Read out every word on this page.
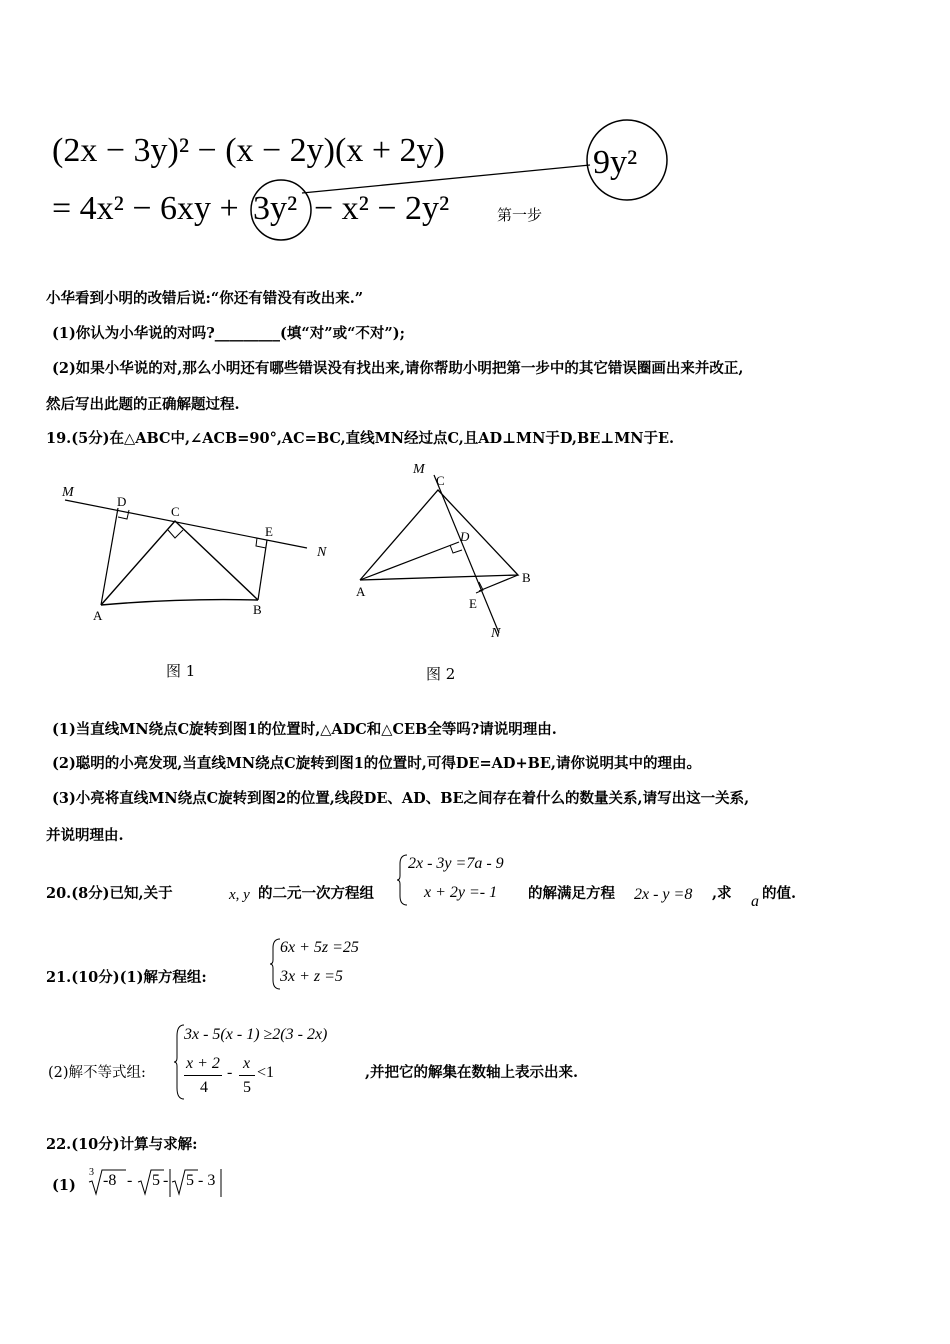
(2x − 3y)² − (x − 2y)(x + 2y)
= 4x² − 6xy + 3y² − x² − 2y²
9y²
第一步
小华看到小明的改错后说:“你还有错没有改出来.”
(1)你认为小华说的对吗?_________(填“对”或“不对”);
(2)如果小华说的对,那么小明还有哪些错误没有找出来,请你帮助小明把第一步中的其它错误圈画出来并改正,
然后写出此题的正确解题过程.
19.(5分)在△ABC中,∠ACB=90°,AC=BC,直线MN经过点C,且AD⊥MN于D,BE⊥MN于E.
M
D
C
E
N
A	B
图 1
M
C
D
A
B
E
N
图 2
(1)当直线MN绕点C旋转到图1的位置时,△ADC和△CEB全等吗?请说明理由.
(2)聪明的小亮发现,当直线MN绕点C旋转到图1的位置时,可得DE=AD+BE,请你说明其中的理由。
(3)小亮将直线MN绕点C旋转到图2的位置,线段DE、AD、BE之间存在着什么的数量关系,请写出这一关系,
并说明理由.
20.(8分)已知,关于	x, y 的二元一次方程组
2x - 3y =7a - 9
x + 2y =- 1 的解满足方程 2x - y =8 ,求 a 的值.
21.(10分)(1)解方程组:
6x + 5z =25
3x + z =5
(2)解不等式组:
3x - 5(x - 1) ≥2(3 - 2x)
x + 2
4
-
x
5
<1	,并把它的解集在数轴上表示出来.
22.(10分)计算与求解:
(1)
3 -8 - 5 - 5 - 3
